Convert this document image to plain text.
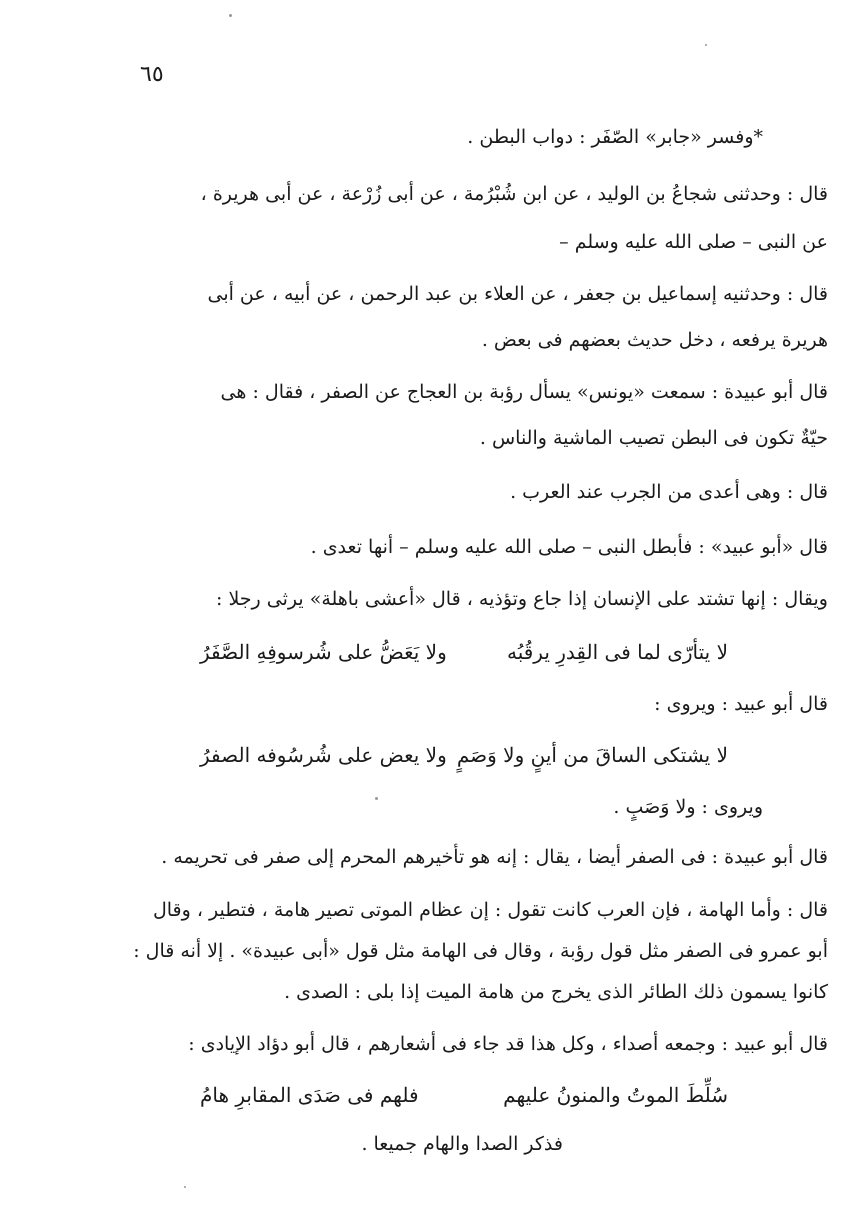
٦٥
*وفسر «جابر» الصّفَر : دواب البطن .
قال : وحدثنى شجاعُ بن الوليد ، عن ابن شُبْرُمة ، عن أبى زُرْعة ، عن أبى هريرة ،
عن النبى – صلى الله عليه وسلم –
قال : وحدثنيه إسماعيل بن جعفر ، عن العلاء بن عبد الرحمن ، عن أبيه ، عن أبى
هريرة يرفعه ، دخل حديث بعضهم فى بعض .
قال أبو عبيدة : سمعت «يونس» يسأل رؤبة بن العجاج عن الصفر ، فقال : هى
حيّةٌ تكون فى البطن تصيب الماشية والناس .
قال : وهى أعدى من الجرب عند العرب .
قال «أبو عبيد» : فأبطل النبى – صلى الله عليه وسلم – أنها تعدى .
ويقال : إنها تشتد على الإنسان إذا جاع وتؤذيه ، قال «أعشى باهلة» يرثى رجلا :
لا يتأرّى لما فى القِدرِ يرقُبُه
ولا يَعَضُّ على شُرسوفِهِ الصَّفَرُ
قال أبو عبيد : ويروى :
لا يشتكى الساقَ من أينٍ ولا وَصَمٍ
ولا يعض على شُرسُوفه الصفرُ
ويروى : ولا وَصَبٍ .
قال أبو عبيدة : فى الصفر أيضا ، يقال : إنه هو تأخيرهم المحرم إلى صفر فى تحريمه .
قال : وأما الهامة ، فإن العرب كانت تقول : إن عظام الموتى تصير هامة ، فتطير ، وقال
أبو عمرو فى الصفر مثل قول رؤبة ، وقال فى الهامة مثل قول «أبى عبيدة» . إلا أنه قال :
كانوا يسمون ذلك الطائر الذى يخرج من هامة الميت إذا بلى : الصدى .
قال أبو عبيد : وجمعه أصداء ، وكل هذا قد جاء فى أشعارهم ، قال أبو دؤاد الإيادى :
سُلِّطَ الموتُ والمنونُ عليهم
فلهم فى صَدَى المقابرِ هامُ
فذكر الصدا والهام جميعا .
